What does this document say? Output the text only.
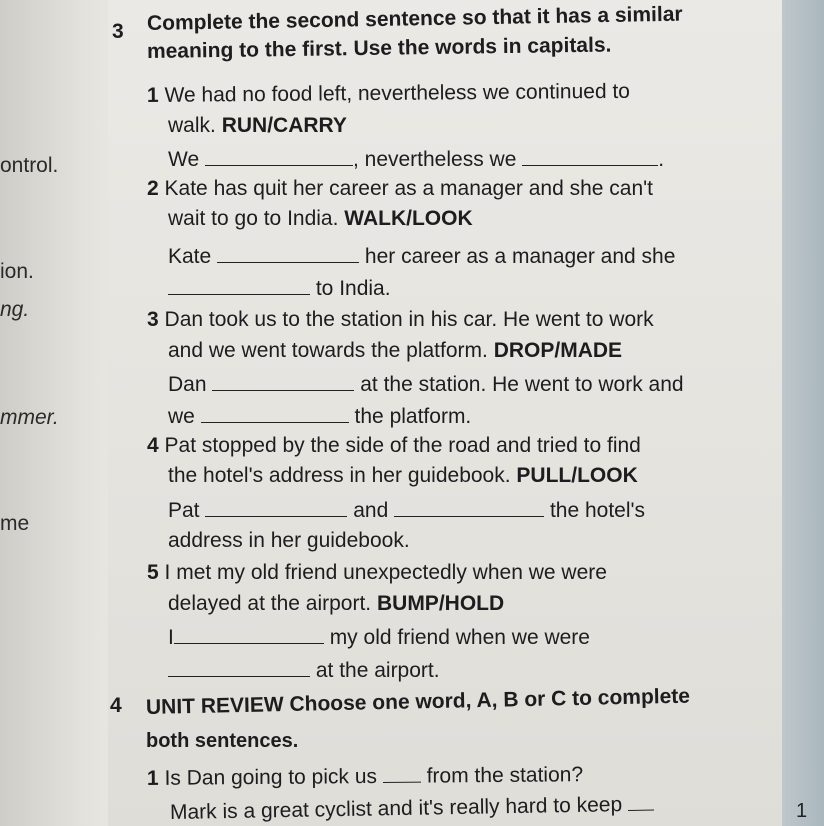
ontrol.
ion.
ng.
mmer.
me
1
3 Complete the second sentence so that it has a similar
meaning to the first. Use the words in capitals.
1 We had no food left, nevertheless we continued to
walk. RUN/CARRY
We	, nevertheless we	.
2 Kate has quit her career as a manager and she can't
wait to go to India. WALK/LOOK
Kate	her career as a manager and she
to India.
3 Dan took us to the station in his car. He went to work
and we went towards the platform. DROP/MADE
Dan	at the station. He went to work and
we	the platform.
4 Pat stopped by the side of the road and tried to find
the hotel's address in her guidebook. PULL/LOOK
Pat	and	the hotel's
address in her guidebook.
5 I met my old friend unexpectedly when we were
delayed at the airport. BUMP/HOLD
I	my old friend when we were
at the airport.
4 UNIT REVIEW Choose one word, A, B or C to complete
both sentences.
1 Is Dan going to pick us from the station?
Mark is a great cyclist and it's really hard to keep
